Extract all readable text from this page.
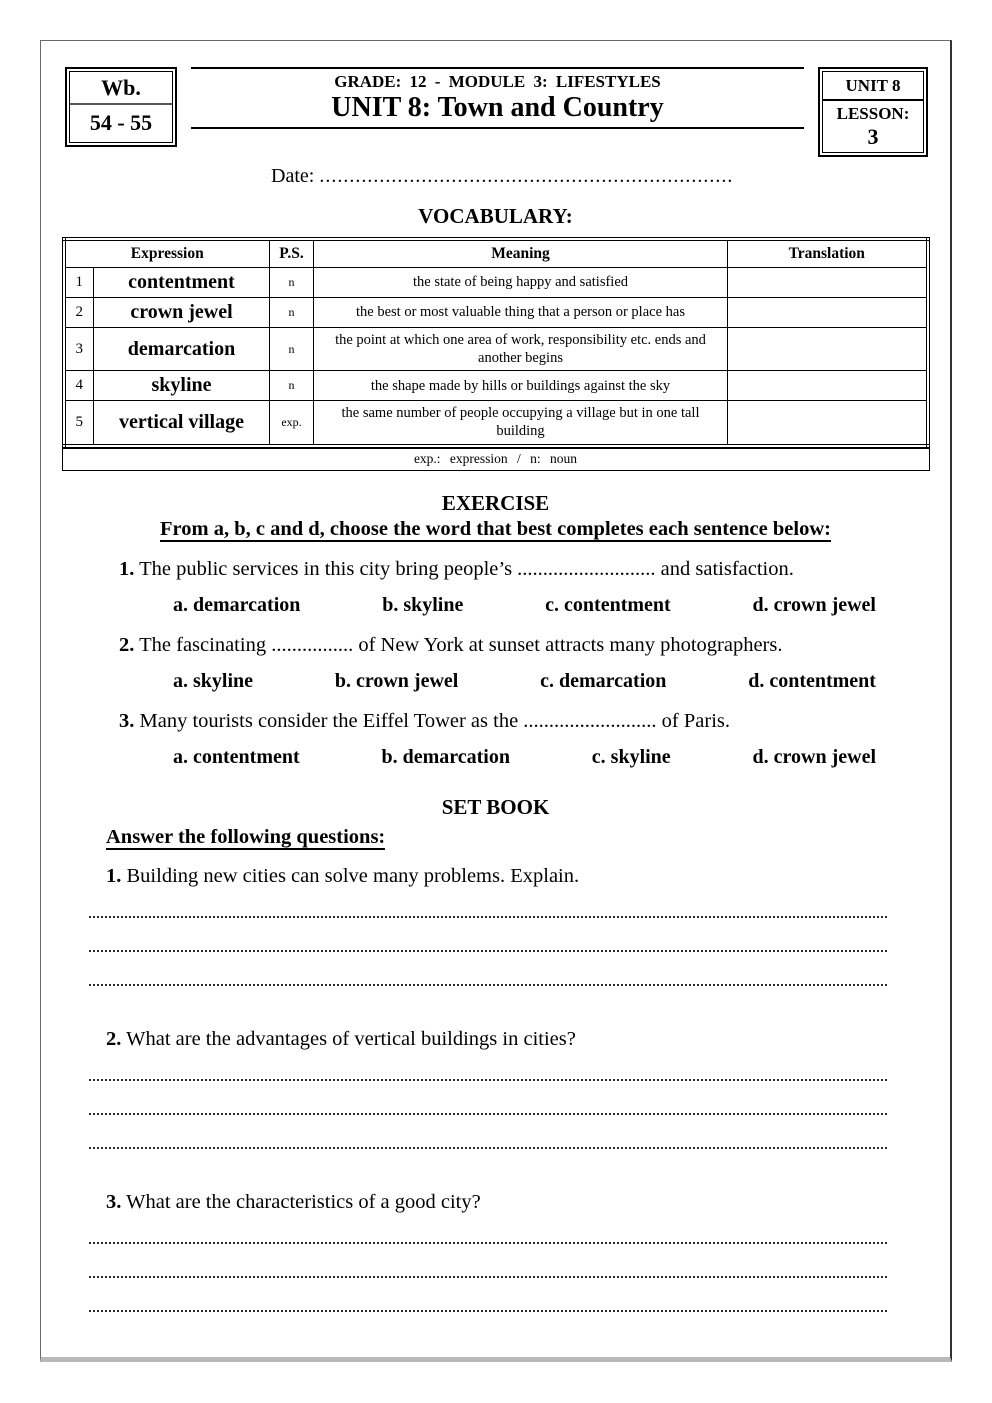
Wb.
54 - 55
GRADE: 12 - MODULE 3: LIFESTYLES
UNIT 8: Town and Country
UNIT 8
LESSON:
3
Date: .....................................................................
VOCABULARY:
Expression		P.S.	Meaning	Translation
1	contentment	n	the state of being happy and satisfied	
2	crown jewel	n	the best or most valuable thing that a person or place has	
3	demarcation	n	the point at which one area of work, responsibility etc. ends and another begins	
4	skyline	n	the shape made by hills or buildings against the sky	
5	vertical village	exp.	the same number of people occupying a village but in one tall building	
exp.: expression / n: noun
EXERCISE
From a, b, c and d, choose the word that best completes each sentence below:
1. The public services in this city bring people’s ........................... and satisfaction.
a. demarcation	b. skyline	c. contentment	d. crown jewel
2. The fascinating ................ of New York at sunset attracts many photographers.
a. skyline	b. crown jewel	c. demarcation	d. contentment
3. Many tourists consider the Eiffel Tower as the .......................... of Paris.
a. contentment	b. demarcation	c. skyline	d. crown jewel
SET BOOK
Answer the following questions:
1. Building new cities can solve many problems. Explain.
2. What are the advantages of vertical buildings in cities?
3. What are the characteristics of a good city?
